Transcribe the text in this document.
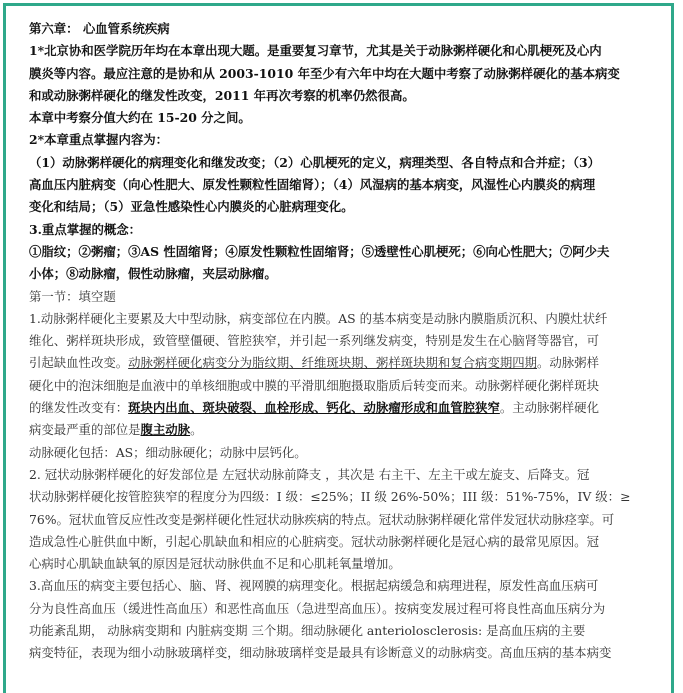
第六章： 心血管系统疾病
1*北京协和医学院历年均在本章出现大题。是重要复习章节，尤其是关于动脉粥样硬化和心肌梗死及心内
膜炎等内容。最应注意的是协和从 2003-1010 年至少有六年中均在大题中考察了动脉粥样硬化的基本病变
和或动脉粥样硬化的继发性改变，2011 年再次考察的机率仍然很高。
本章中考察分值大约在 15-20 分之间。
2*本章重点掌握内容为：
（1）动脉粥样硬化的病理变化和继发改变；（2）心肌梗死的定义，病理类型、各自特点和合并症；（3）
高血压内脏病变（向心性肥大、原发性颗粒性固缩肾）；（4）风湿病的基本病变，风湿性心内膜炎的病理
变化和结局；（5）亚急性感染性心内膜炎的心脏病理变化。
3.重点掌握的概念：
①脂纹；②粥瘤；③AS 性固缩肾；④原发性颗粒性固缩肾；⑤透壁性心肌梗死；⑥向心性肥大；⑦阿少夫
小体；⑧动脉瘤，假性动脉瘤，夹层动脉瘤。
第一节：填空题
1.动脉粥样硬化主要累及大中型动脉，病变部位在内膜。AS 的基本病变是动脉内膜脂质沉积、内膜灶状纤
维化、粥样斑块形成，致管壁僵硬、管腔狭窄，并引起一系列继发病变，特别是发生在心脑肾等器官，可
引起缺血性改变。动脉粥样硬化病变分为脂纹期、纤维斑块期、粥样斑块期和复合病变期四期。动脉粥样
硬化中的泡沫细胞是血液中的单核细胞或中膜的平滑肌细胞摄取脂质后转变而来。动脉粥样硬化粥样斑块
的继发性改变有：斑块内出血、斑块破裂、血栓形成、钙化、动脉瘤形成和血管腔狭窄。主动脉粥样硬化
病变最严重的部位是腹主动脉。
动脉硬化包括：AS；细动脉硬化；动脉中层钙化。
2. 冠状动脉粥样硬化的好发部位是 左冠状动脉前降支 ，其次是 右主干、左主干或左旋支、后降支。冠
状动脉粥样硬化按管腔狭窄的程度分为四级：I 级：≤25%；II 级 26%-50%；III 级：51%-75%，IV 级：≥
76%。冠状血管反应性改变是粥样硬化性冠状动脉疾病的特点。冠状动脉粥样硬化常伴发冠状动脉痉挛。可
造成急性心脏供血中断，引起心肌缺血和相应的心脏病变。冠状动脉粥样硬化是冠心病的最常见原因。冠
心病时心肌缺血缺氧的原因是冠状动脉供血不足和心肌耗氧量增加。
3.高血压的病变主要包括心、脑、肾、视网膜的病理变化。根据起病缓急和病理进程，原发性高血压病可
分为良性高血压（缓进性高血压）和恶性高血压（急进型高血压）。按病变发展过程可将良性高血压病分为
功能紊乱期， 动脉病变期和 内脏病变期 三个期。细动脉硬化 anteriolosclerosis: 是高血压病的主要
病变特征，表现为细小动脉玻璃样变，细动脉玻璃样变是最具有诊断意义的动脉病变。高血压病的基本病变
